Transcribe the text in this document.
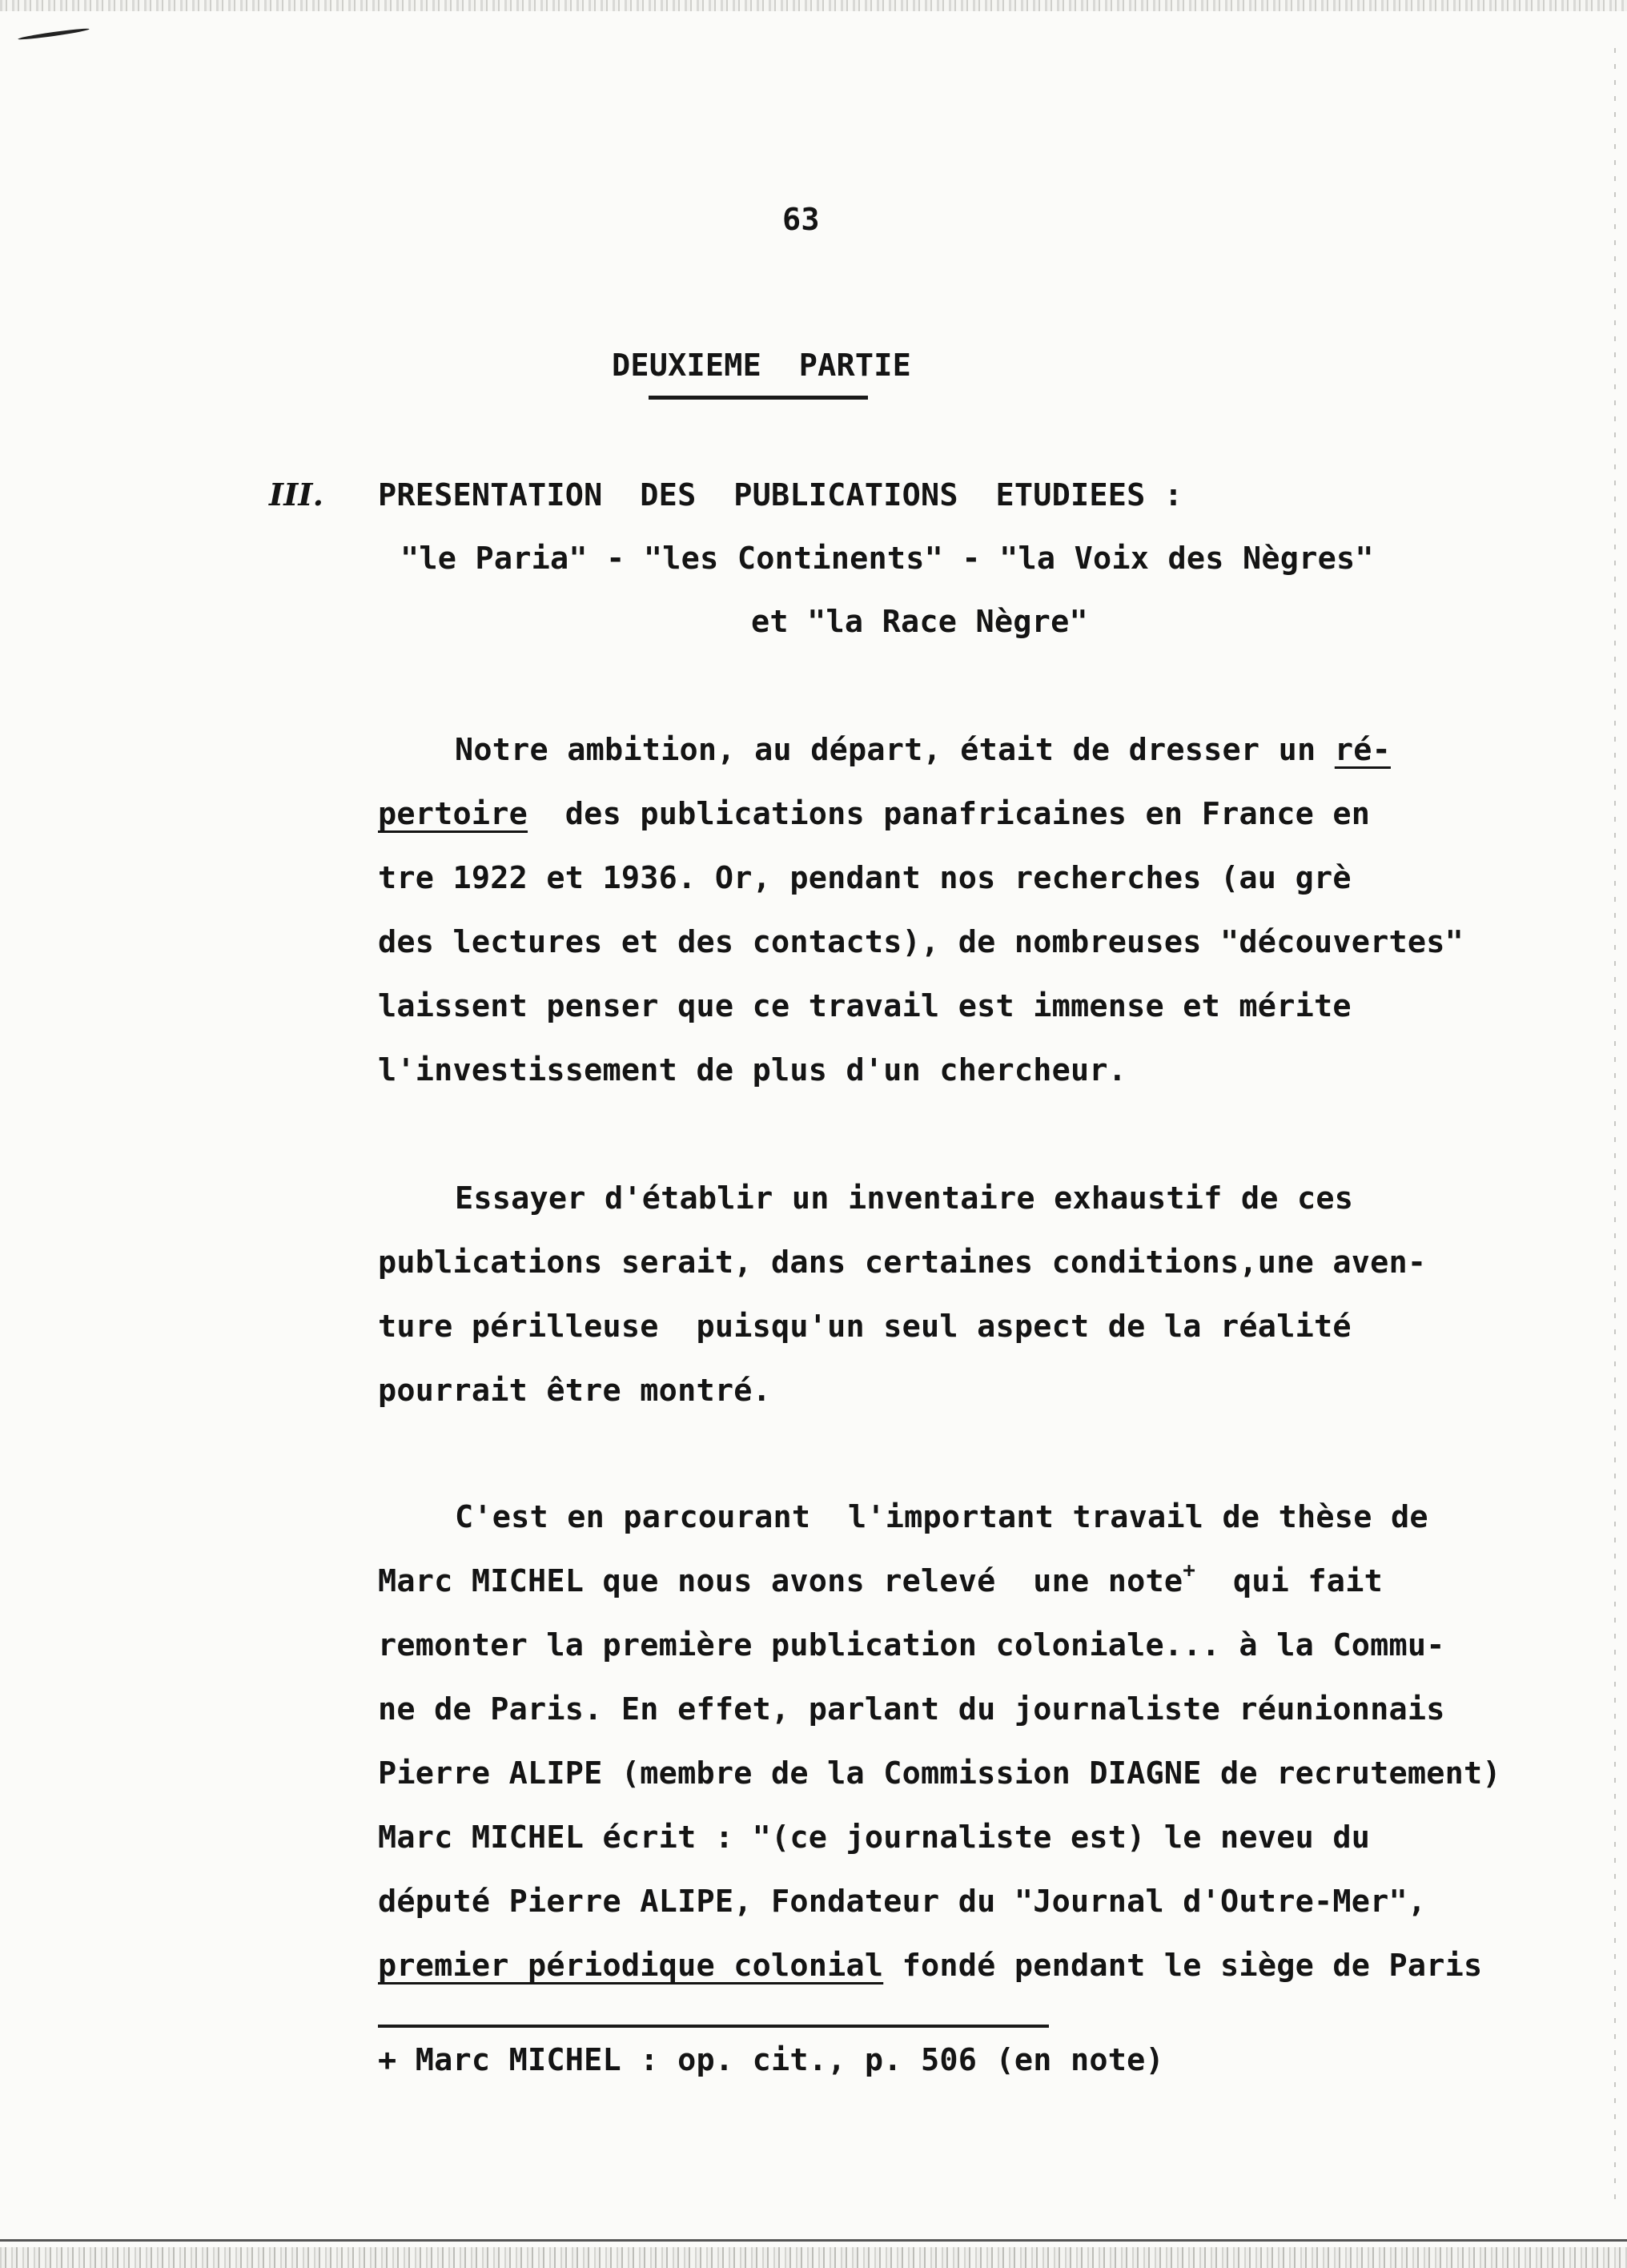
63
DEUXIEME  PARTIE
III. PRESENTATION  DES  PUBLICATIONS  ETUDIEES :
"le Paria" - "les Continents" - "la Voix des Nègres"
et "la Race Nègre"
Notre ambition, au départ, était de dresser un ré-
pertoire  des publications panafricaines en France en
tre 1922 et 1936. Or, pendant nos recherches (au grè
des lectures et des contacts), de nombreuses "découvertes"
laissent penser que ce travail est immense et mérite
l'investissement de plus d'un chercheur.
Essayer d'établir un inventaire exhaustif de ces
publications serait, dans certaines conditions,une aven-
ture périlleuse  puisqu'un seul aspect de la réalité
pourrait être montré.
C'est en parcourant  l'important travail de thèse de
Marc MICHEL que nous avons relevé  une note+  qui fait
remonter la première publication coloniale... à la Commu-
ne de Paris. En effet, parlant du journaliste réunionnais
Pierre ALIPE (membre de la Commission DIAGNE de recrutement)
Marc MICHEL écrit : "(ce journaliste est) le neveu du
député Pierre ALIPE, Fondateur du "Journal d'Outre-Mer",
premier périodique colonial fondé pendant le siège de Paris
+ Marc MICHEL : op. cit., p. 506 (en note)
